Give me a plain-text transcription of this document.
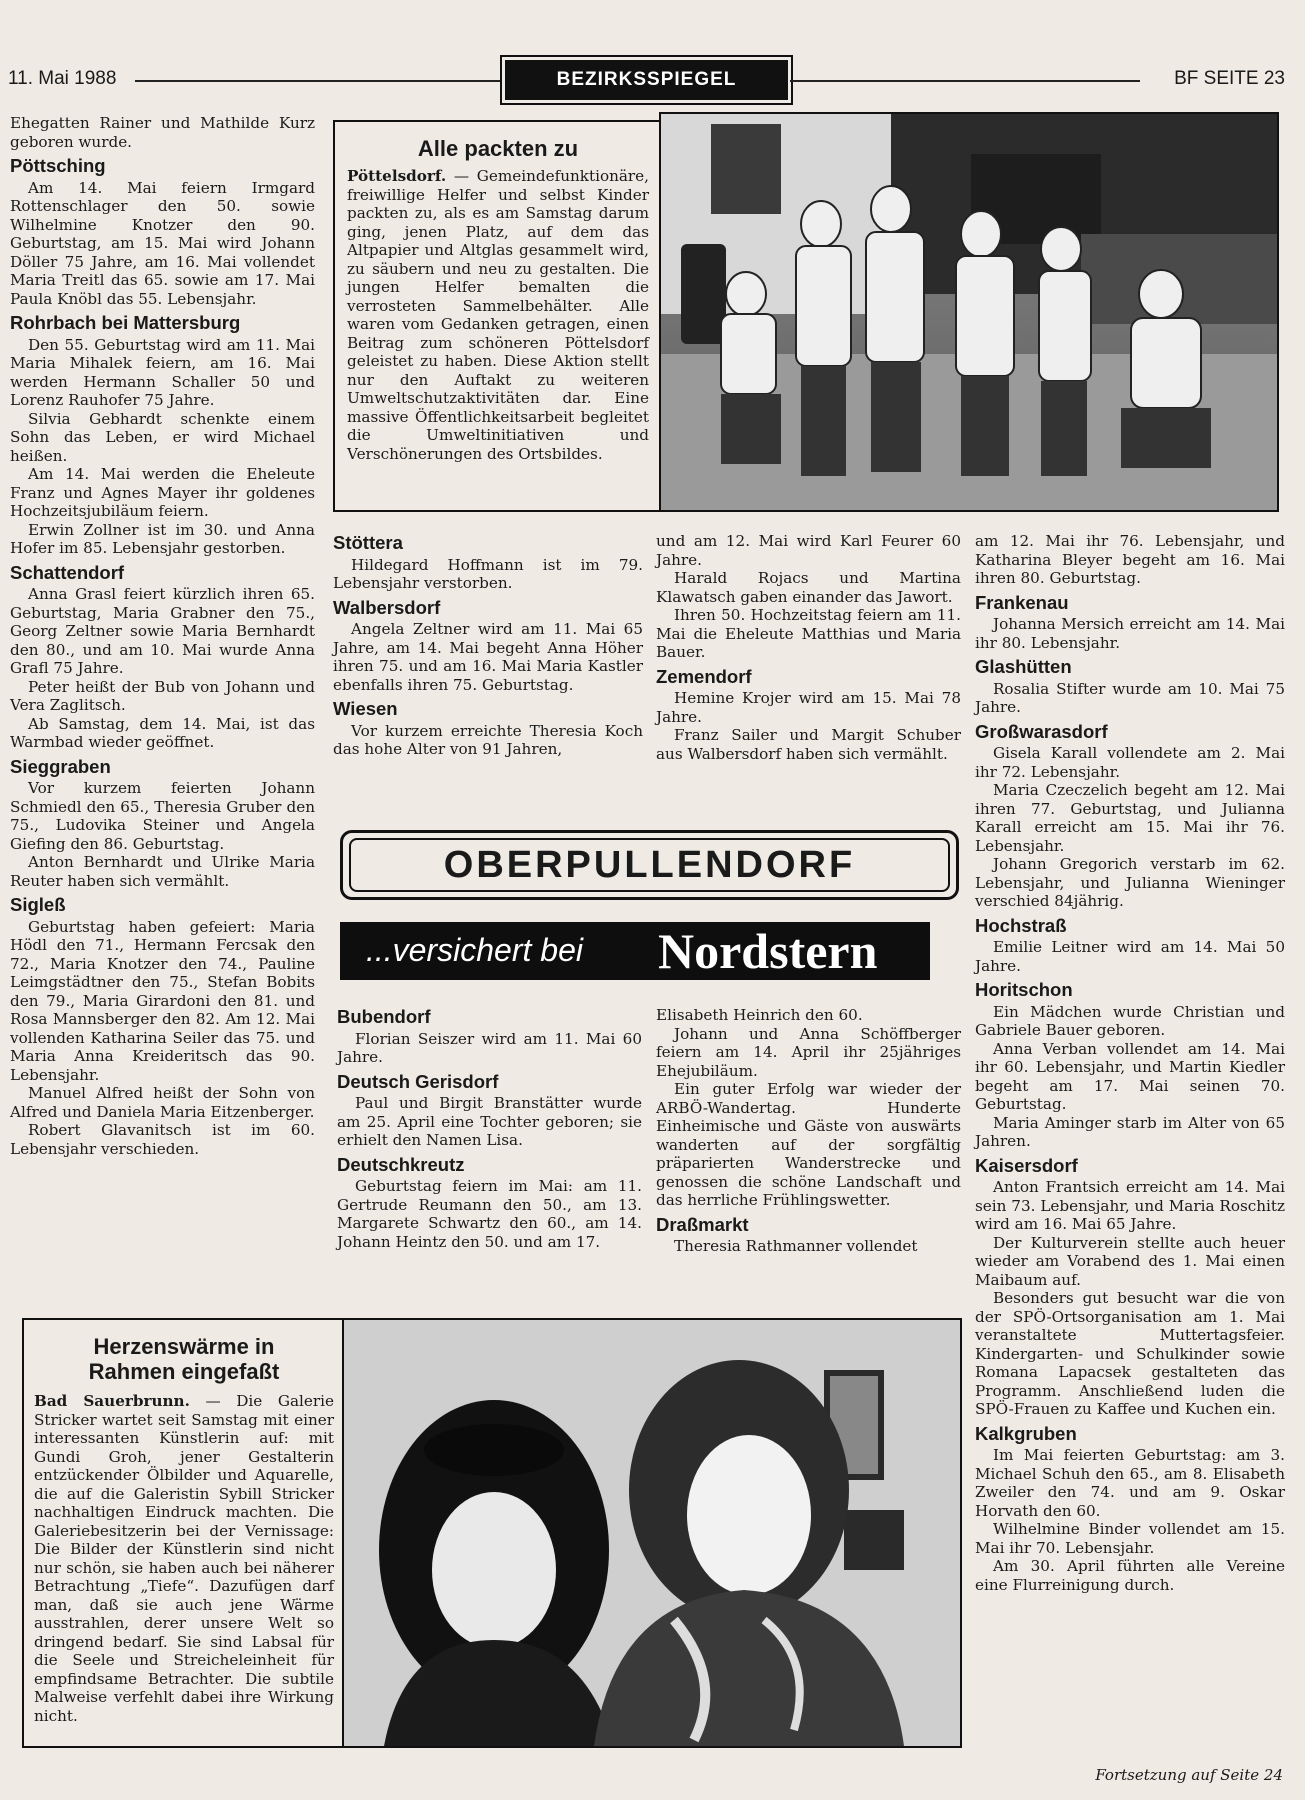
11. Mai 1988	BEZIRKSSPIEGEL	BF SEITE 23

Ehegatten Rainer und Mathilde Kurz geboren wurde.

Pöttsching

Am 14. Mai feiern Irmgard Rottenschlager den 50. sowie Wilhelmine Knotzer den 90. Geburtstag, am 15. Mai wird Johann Döller 75 Jahre, am 16. Mai vollendet Maria Treitl das 65. sowie am 17. Mai Paula Knöbl das 55. Lebensjahr.

Rohrbach bei Mattersburg

Den 55. Geburtstag wird am 11. Mai Maria Mihalek feiern, am 16. Mai werden Hermann Schaller 50 und Lorenz Rauhofer 75 Jahre.

Silvia Gebhardt schenkte einem Sohn das Leben, er wird Michael heißen.

Am 14. Mai werden die Eheleute Franz und Agnes Mayer ihr goldenes Hochzeitsjubiläum feiern.

Erwin Zollner ist im 30. und Anna Hofer im 85. Lebensjahr gestorben.

Schattendorf

Anna Grasl feiert kürzlich ihren 65. Geburtstag, Maria Grabner den 75., Georg Zeltner sowie Maria Bernhardt den 80., und am 10. Mai wurde Anna Grafl 75 Jahre.

Peter heißt der Bub von Johann und Vera Zaglitsch.

Ab Samstag, dem 14. Mai, ist das Warmbad wieder geöffnet.

Sieggraben

Vor kurzem feierten Johann Schmiedl den 65., Theresia Gruber den 75., Ludovika Steiner und Angela Giefing den 86. Geburtstag.

Anton Bernhardt und Ulrike Maria Reuter haben sich vermählt.

Sigleß

Geburtstag haben gefeiert: Maria Hödl den 71., Hermann Fercsak den 72., Maria Knotzer den 74., Pauline Leimgstädtner den 75., Stefan Bobits den 79., Maria Girardoni den 81. und Rosa Mannsberger den 82. Am 12. Mai vollenden Katharina Seiler das 75. und Maria Anna Kreideritsch das 90. Lebensjahr.

Manuel Alfred heißt der Sohn von Alfred und Daniela Maria Eitzenberger.

Robert Glavanitsch ist im 60. Lebensjahr verschieden.

Alle packten zu

Pöttelsdorf. — Gemeindefunktionäre, freiwillige Helfer und selbst Kinder packten zu, als es am Samstag darum ging, jenen Platz, auf dem das Altpapier und Altglas gesammelt wird, zu säubern und neu zu gestalten. Die jungen Helfer bemalten die verrosteten Sammelbehälter. Alle waren vom Gedanken getragen, einen Beitrag zum schöneren Pöttelsdorf geleistet zu haben. Diese Aktion stellt nur den Auftakt zu weiteren Umweltschutzaktivitäten dar. Eine massive Öffentlichkeitsarbeit begleitet die Umweltinitiativen und Verschönerungen des Ortsbildes.

Stöttera

Hildegard Hoffmann ist im 79. Lebensjahr verstorben.

Walbersdorf

Angela Zeltner wird am 11. Mai 65 Jahre, am 14. Mai begeht Anna Höher ihren 75. und am 16. Mai Maria Kastler ebenfalls ihren 75. Geburtstag.

Wiesen

Vor kurzem erreichte Theresia Koch das hohe Alter von 91 Jahren,

und am 12. Mai wird Karl Feurer 60 Jahre.

Harald Rojacs und Martina Klawatsch gaben einander das Jawort.

Ihren 50. Hochzeitstag feiern am 11. Mai die Eheleute Matthias und Maria Bauer.

Zemendorf

Hemine Krojer wird am 15. Mai 78 Jahre.

Franz Sailer und Margit Schuber aus Walbersdorf haben sich vermählt.

am 12. Mai ihr 76. Lebensjahr, und Katharina Bleyer begeht am 16. Mai ihren 80. Geburtstag.

Frankenau

Johanna Mersich erreicht am 14. Mai ihr 80. Lebensjahr.

Glashütten

Rosalia Stifter wurde am 10. Mai 75 Jahre.

Großwarasdorf

Gisela Karall vollendete am 2. Mai ihr 72. Lebensjahr.

Maria Czeczelich begeht am 12. Mai ihren 77. Geburtstag, und Julianna Karall erreicht am 15. Mai ihr 76. Lebensjahr.

Johann Gregorich verstarb im 62. Lebensjahr, und Julianna Wieninger verschied 84jährig.

Hochstraß

Emilie Leitner wird am 14. Mai 50 Jahre.

Horitschon

Ein Mädchen wurde Christian und Gabriele Bauer geboren.

Anna Verban vollendet am 14. Mai ihr 60. Lebensjahr, und Martin Kiedler begeht am 17. Mai seinen 70. Geburtstag.

Maria Aminger starb im Alter von 65 Jahren.

Kaisersdorf

Anton Frantsich erreicht am 14. Mai sein 73. Lebensjahr, und Maria Roschitz wird am 16. Mai 65 Jahre.

Der Kulturverein stellte auch heuer wieder am Vorabend des 1. Mai einen Maibaum auf.

Besonders gut besucht war die von der SPÖ-Ortsorganisation am 1. Mai veranstaltete Muttertagsfeier. Kindergarten- und Schulkinder sowie Romana Lapacsek gestalteten das Programm. Anschließend luden die SPÖ-Frauen zu Kaffee und Kuchen ein.

Kalkgruben

Im Mai feierten Geburtstag: am 3. Michael Schuh den 65., am 8. Elisabeth Zweiler den 74. und am 9. Oskar Horvath den 60.

Wilhelmine Binder vollendet am 15. Mai ihr 70. Lebensjahr.

Am 30. April führten alle Vereine eine Flurreinigung durch.

OBERPULLENDORF
...versichert bei Nordstern
Bubendorf

Florian Seiszer wird am 11. Mai 60 Jahre.

Deutsch Gerisdorf

Paul und Birgit Branstätter wurde am 25. April eine Tochter geboren; sie erhielt den Namen Lisa.

Deutschkreutz

Geburtstag feiern im Mai: am 11. Gertrude Reumann den 50., am 13. Margarete Schwartz den 60., am 14. Johann Heintz den 50. und am 17.

Elisabeth Heinrich den 60.

Johann und Anna Schöffberger feiern am 14. April ihr 25jähriges Ehejubiläum.

Ein guter Erfolg war wieder der ARBÖ-Wandertag. Hunderte Einheimische und Gäste von auswärts wanderten auf der sorgfältig präparierten Wanderstrecke und genossen die schöne Landschaft und das herrliche Frühlingswetter.

Draßmarkt

Theresia Rathmanner vollendet

Herzenswärme in
Rahmen eingefaßt

Bad Sauerbrunn. — Die Galerie Stricker wartet seit Samstag mit einer interessanten Künstlerin auf: mit Gundi Groh, jener Gestalterin entzückender Ölbilder und Aquarelle, die auf die Galeristin Sybill Stricker nachhaltigen Eindruck machten. Die Galeriebesitzerin bei der Vernissage: Die Bilder der Künstlerin sind nicht nur schön, sie haben auch bei näherer Betrachtung „Tiefe“. Dazufügen darf man, daß sie auch jene Wärme ausstrahlen, derer unsere Welt so dringend bedarf. Sie sind Labsal für die Seele und Streicheleinheit für empfindsame Betrachter. Die subtile Malweise verfehlt dabei ihre Wirkung nicht.

Fortsetzung auf Seite 24
